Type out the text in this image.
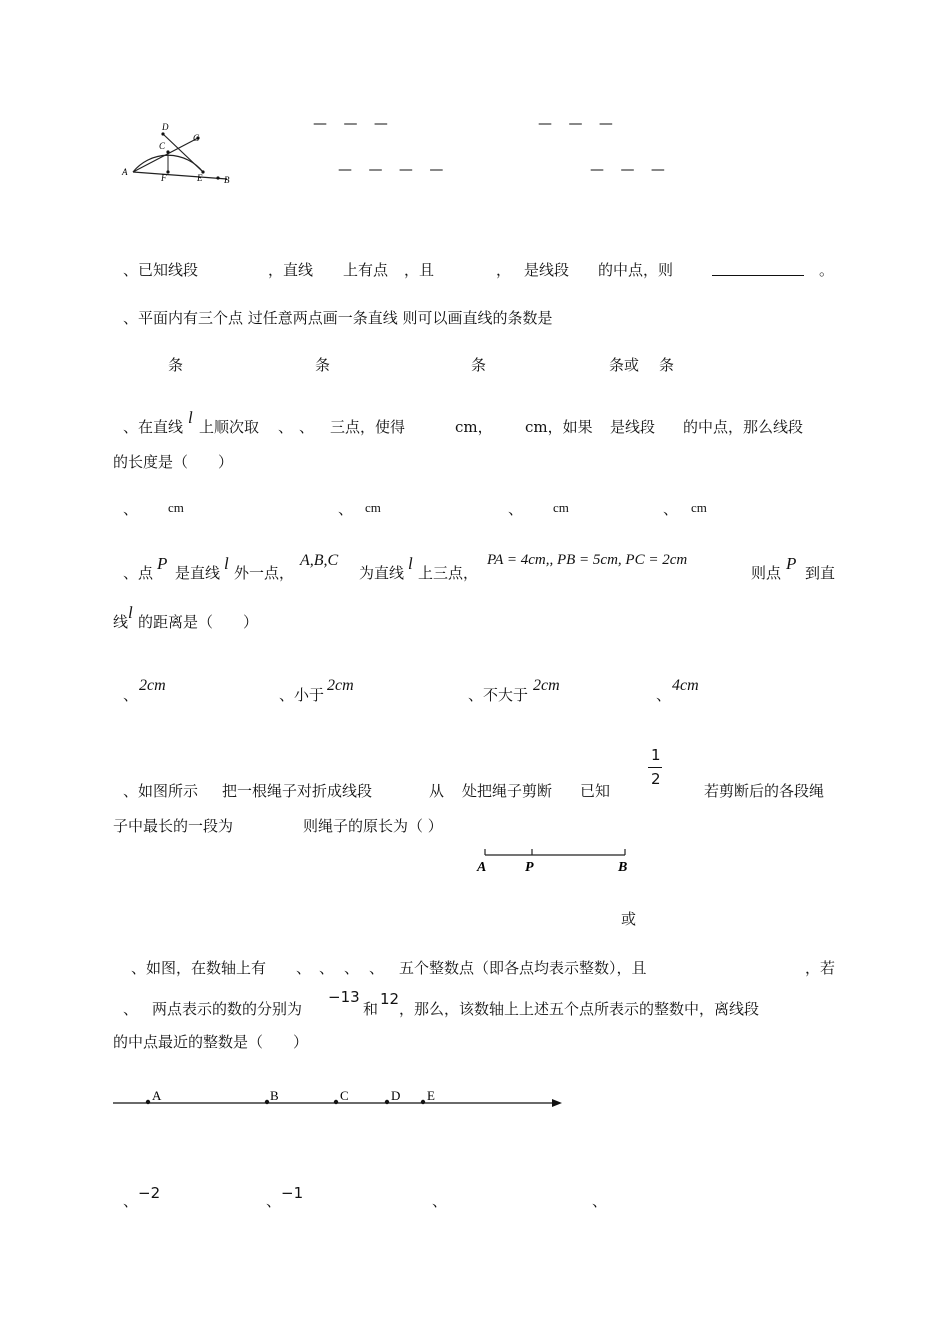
D
C
G
A
F	E B
— — —	— — —
— — — —	— — —
、已知线段	，直线 上有点 ，且	， 是线段 的中点，则	。
、平面内有三个点 过任意两点画一条直线 则可以画直线的条数是
条	条	条	条或 条
、在直线 l 上顺次取 、 、 三点，使得	cm， cm，如果 是线段 的中点，那么线段
的长度是（　　）
、 cm	、 cm	、 cm	、 cm
、点 P 是直线 l 外一点，
A,B,C
为直线 l 上三点，
PA = 4cm,, PB = 5cm, PC = 2cm
则点 P 到直
线 l 的距离是（　　）
、
2cm
、小于
2cm
、不大于
2cm
、
4cm
、如图所示 把一根绳子对折成线段	从 处把绳子剪断 已知
1
2
若剪断后的各段绳
子中最长的一段为	则绳子的原长为（ ）
A	P	B
或
、如图，在数轴上有 、 、 、 、 五个整数点（即各点均表示整数），且	，若
、 两点表示的数的分别为
−13
和
12
，那么，该数轴上上述五个点所表示的整数中，离线段
的中点最近的整数是（　　）
A	B	C	D E
、 −2	、 −1	、	、
